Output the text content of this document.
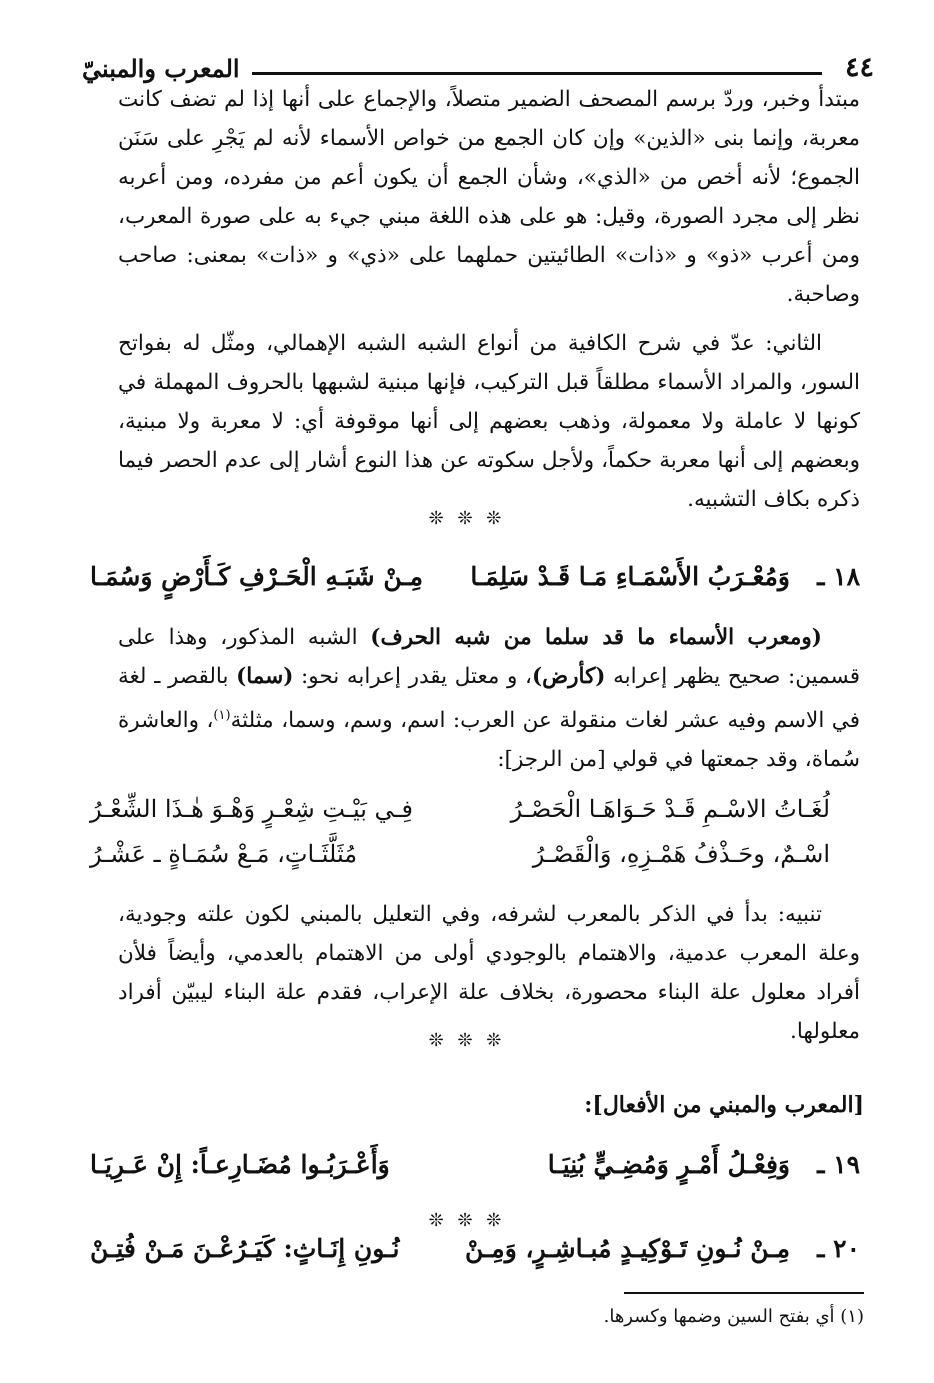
٤٤
المعرب والمبنيّ

مبتدأ وخبر، وردّ برسم المصحف الضمير متصلاً، والإجماع على أنها إذا لم تضف كانت معربة، وإنما بنى «الذين» وإن كان الجمع من خواص الأسماء لأنه لم يَجْرِ على سَنَن الجموع؛ لأنه أخص من «الذي»، وشأن الجمع أن يكون أعم من مفرده، ومن أعربه نظر إلى مجرد الصورة، وقيل: هو على هذه اللغة مبني جيء به على صورة المعرب، ومن أعرب «ذو» و «ذات» الطائيتين حملهما على «ذي» و «ذات» بمعنى: صاحب وصاحبة.

الثاني: عدّ في شرح الكافية من أنواع الشبه الشبه الإهمالي، ومثّل له بفواتح السور، والمراد الأسماء مطلقاً قبل التركيب، فإنها مبنية لشبهها بالحروف المهملة في كونها لا عاملة ولا معمولة، وذهب بعضهم إلى أنها موقوفة أي: لا معربة ولا مبنية، وبعضهم إلى أنها معربة حكماً، ولأجل سكوته عن هذا النوع أشار إلى عدم الحصر فيما ذكره بكاف التشبيه.

❊ ❊ ❊
١٨ ـ
وَمُعْـرَبُ الأَسْمَـاءِ مَـا قَـدْ سَلِمَـا
مِـنْ شَبَـهِ الْحَـرْفِ كَـأَرْضٍ وَسُمَـا

(ومعرب الأسماء ما قد سلما من شبه الحرف) الشبه المذكور، وهذا على قسمين: صحيح يظهر إعرابه (كأرض)، و معتل يقدر إعرابه نحو: (سما) بالقصر ـ لغة في الاسم وفيه عشر لغات منقولة عن العرب: اسم، وسم، وسما، مثلثة$^{(١)}$، والعاشرة سُماة، وقد جمعتها في قولي [من الرجز]:

لُغَـاتُ الاسْـمِ قَـدْ حَـوَاهَـا الْحَصْـرُ
فِـي بَيْـتِ شِعْـرٍ وَهْـوَ هٰـذَا الشِّعْـرُ
اسْـمٌ، وحَـذْفُ هَمْـزِهِ، وَالْقَصْـرُ
مُثَلَّثَـاتٍ، مَـعْ سُمَـاةٍ ـ عَشْـرُ

تنبيه: بدأ في الذكر بالمعرب لشرفه، وفي التعليل بالمبني لكون علته وجودية، وعلة المعرب عدمية، والاهتمام بالوجودي أولى من الاهتمام بالعدمي، وأيضاً فلأن أفراد معلول علة البناء محصورة، بخلاف علة الإعراب، فقدم علة البناء ليبيّن أفراد معلولها.

❊ ❊ ❊
[المعرب والمبني من الأفعال]:
١٩ ـ
وَفِعْـلُ أَمْـرٍ وَمُضِـيٍّ بُنِيَـا
وَأَعْـرَبُـوا مُضَـارِعـاً: إِنْ عَـرِيَـا
❊ ❊ ❊
٢٠ ـ
مِـنْ نُـونِ تَـوْكِيـدٍ مُبـاشِـرٍ، وَمِـنْ
نُـونِ إِنَـاثٍ: كَيَـرُعْـنَ مَـنْ فُتِـنْ
(١) أي بفتح السين وضمها وكسرها.
